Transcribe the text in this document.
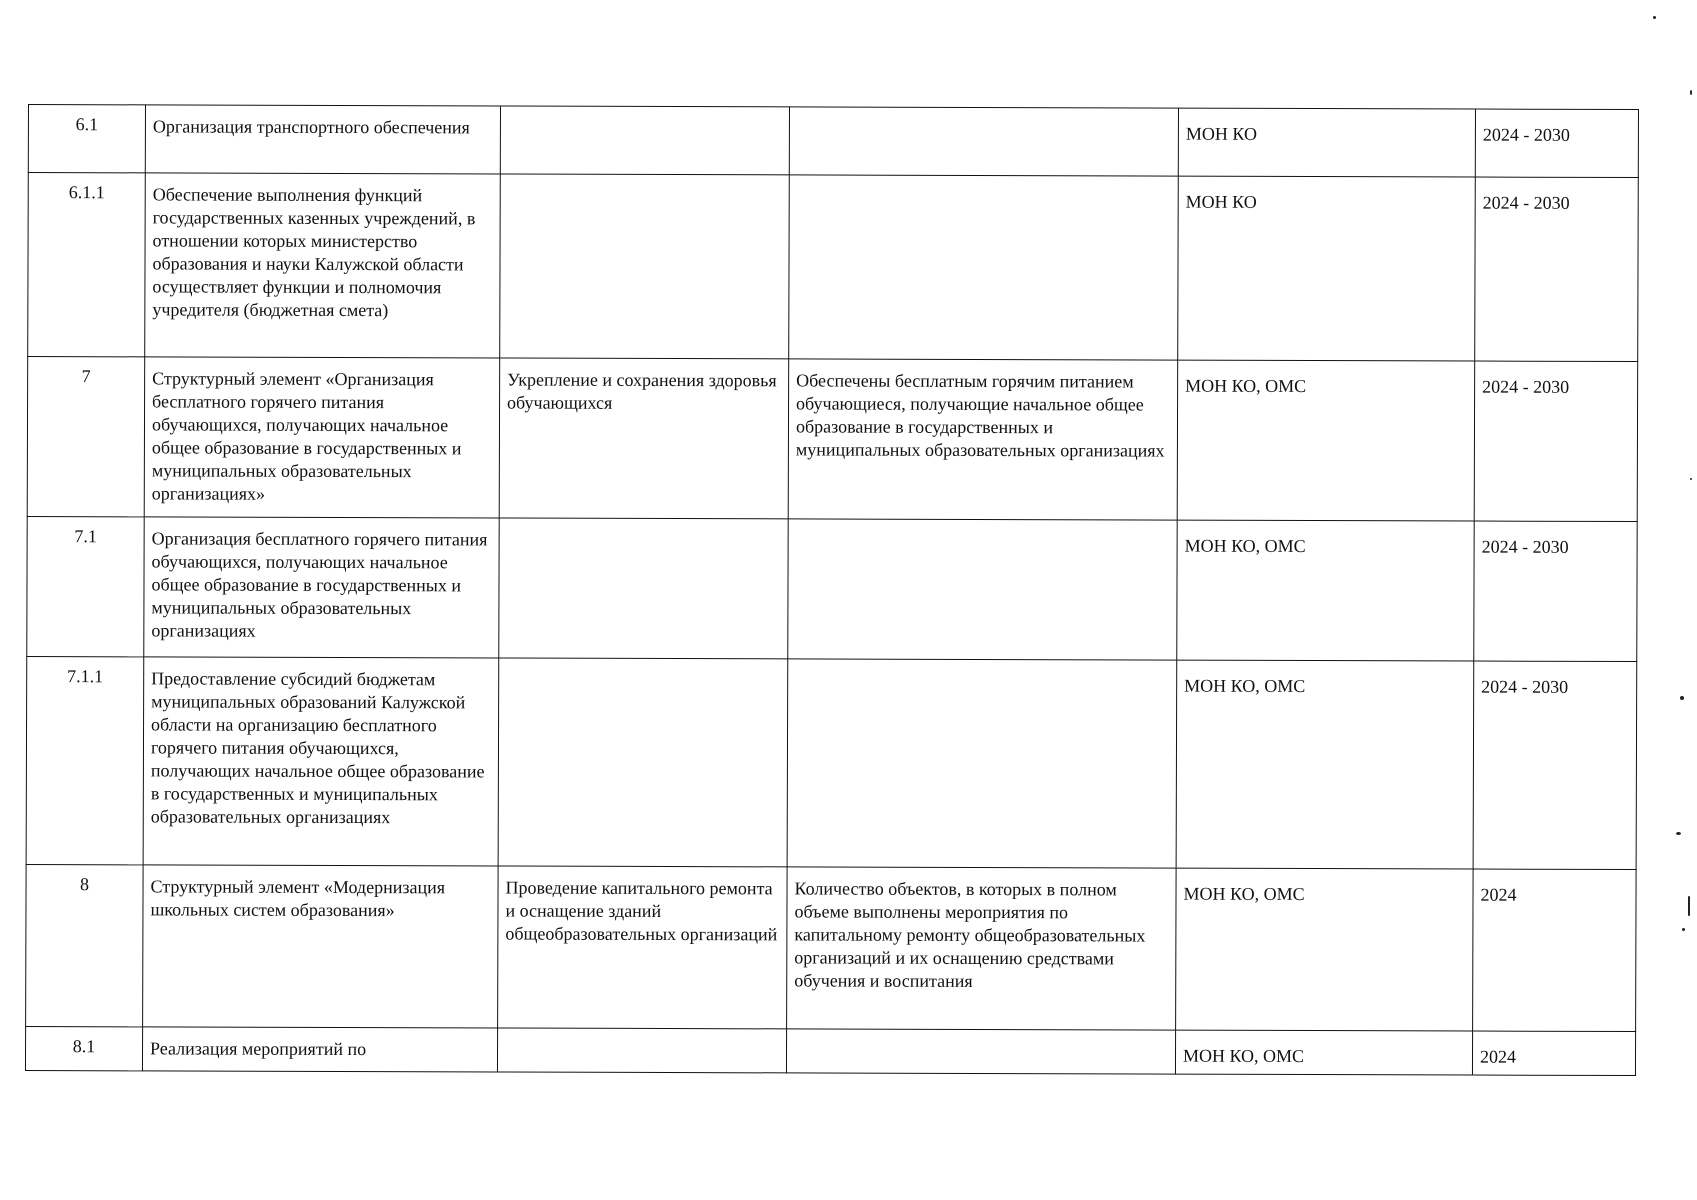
6.1	Организация транспортного обеспечения			МОН КО	2024 - 2030
6.1.1	Обеспечение выполнения функций государственных казенных учреждений, в отношении которых министерство образования и науки Калужской области осуществляет функции и полномочия учредителя (бюджетная смета)			МОН КО	2024 - 2030
7	Структурный элемент «Организация бесплатного горячего питания обучающихся, получающих начальное общее образование в государственных и муниципальных образовательных организациях»	Укрепление и сохранения здоровья обучающихся	Обеспечены бесплатным горячим питанием обучающиеся, получающие начальное общее образование в государственных и муниципальных образовательных организациях	МОН КО, ОМС	2024 - 2030
7.1	Организация бесплатного горячего питания обучающихся, получающих начальное общее образование в государственных и муниципальных образовательных организациях			МОН КО, ОМС	2024 - 2030
7.1.1	Предоставление субсидий бюджетам муниципальных образований Калужской области на организацию бесплатного горячего питания обучающихся, получающих начальное общее образование в государственных и муниципальных образовательных организациях			МОН КО, ОМС	2024 - 2030
8	Структурный элемент «Модернизация школьных систем образования»	Проведение капитального ремонта и оснащение зданий общеобразовательных организаций	Количество объектов, в которых в полном объеме выполнены мероприятия по капитальному ремонту общеобразовательных организаций и их оснащению средствами обучения и воспитания	МОН КО, ОМС	2024
8.1	Реализация мероприятий по			МОН КО, ОМС	2024
